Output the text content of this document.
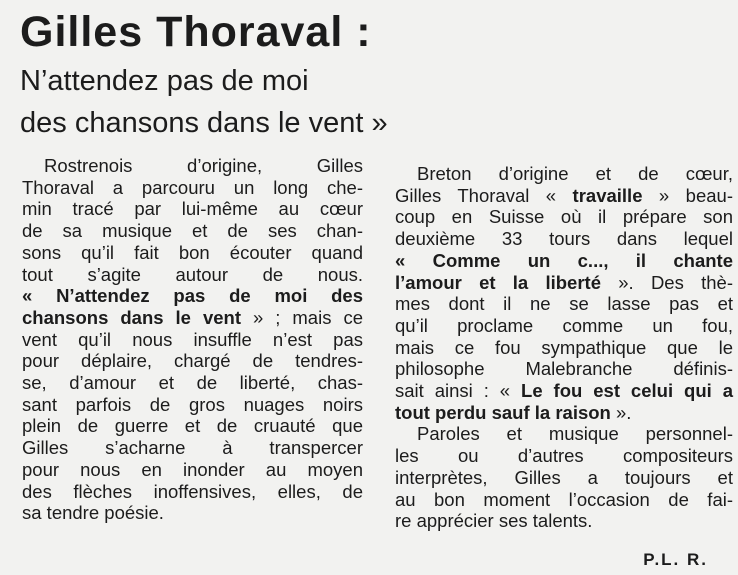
Gilles Thoraval :
N’attendez pas de moi
des chansons dans le vent »
Rostrenois d’origine, Gilles
Thoraval a parcouru un long che-
min tracé par lui-même au cœur
de sa musique et de ses chan-
sons qu’il fait bon écouter quand
tout s’agite autour de nous.
« N’attendez pas de moi des
chansons dans le vent » ; mais ce
vent qu’il nous insuffle n’est pas
pour déplaire, chargé de tendres-
se, d’amour et de liberté, chas-
sant parfois de gros nuages noirs
plein de guerre et de cruauté que
Gilles s’acharne à transpercer
pour nous en inonder au moyen
des flèches inoffensives, elles, de
sa tendre poésie.
Breton d’origine et de cœur,
Gilles Thoraval « travaille » beau-
coup en Suisse où il prépare son
deuxième 33 tours dans lequel
« Comme un c..., il chante
l’amour et la liberté ». Des thè-
mes dont il ne se lasse pas et
qu’il proclame comme un fou,
mais ce fou sympathique que le
philosophe Malebranche définis-
sait ainsi : « Le fou est celui qui a
tout perdu sauf la raison ».
Paroles et musique personnel-
les ou d’autres compositeurs
interprètes, Gilles a toujours et
au bon moment l’occasion de fai-
re apprécier ses talents.
P.L. R.
